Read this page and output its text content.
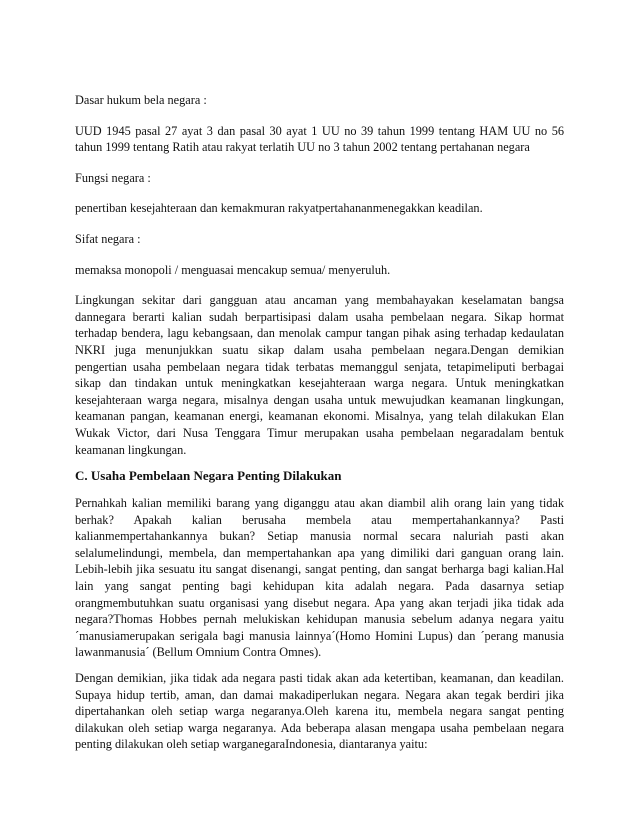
Dasar hukum bela negara :
UUD 1945 pasal 27 ayat 3 dan pasal 30 ayat 1 UU no 39 tahun 1999 tentang HAM UU no 56
tahun 1999 tentang Ratih atau rakyat terlatih UU no 3 tahun 2002 tentang pertahanan negara
Fungsi negara :
penertiban kesejahteraan dan kemakmuran rakyatpertahananmenegakkan keadilan.
Sifat negara :
memaksa monopoli / menguasai mencakup semua/ menyeruluh.
Lingkungan sekitar dari gangguan atau ancaman yang membahayakan keselamatan bangsa
dannegara berarti kalian sudah berpartisipasi dalam usaha pembelaan negara. Sikap hormat
terhadap bendera, lagu kebangsaan, dan menolak campur tangan pihak asing terhadap kedaulatan
NKRI juga menunjukkan suatu sikap dalam usaha pembelaan negara.Dengan demikian
pengertian usaha pembelaan negara tidak terbatas memanggul senjata, tetapimeliputi berbagai
sikap dan tindakan untuk meningkatkan kesejahteraan warga negara. Untuk meningkatkan
kesejahteraan warga negara, misalnya dengan usaha untuk mewujudkan keamanan lingkungan,
keamanan pangan, keamanan energi, keamanan ekonomi. Misalnya, yang telah dilakukan Elan
Wukak Victor, dari Nusa Tenggara Timur merupakan usaha pembelaan negaradalam bentuk
keamanan lingkungan.
C. Usaha Pembelaan Negara Penting Dilakukan
Pernahkah kalian memiliki barang yang diganggu atau akan diambil alih orang lain yang tidak
berhak? Apakah kalian berusaha membela atau mempertahankannya? Pasti
kalianmempertahankannya bukan? Setiap manusia normal secara naluriah pasti akan
selalumelindungi, membela, dan mempertahankan apa yang dimiliki dari ganguan orang lain.
Lebih-lebih jika sesuatu itu sangat disenangi, sangat penting, dan sangat berharga bagi kalian.Hal
lain yang sangat penting bagi kehidupan kita adalah negara. Pada dasarnya setiap
orangmembutuhkan suatu organisasi yang disebut negara. Apa yang akan terjadi jika tidak ada
negara?Thomas Hobbes pernah melukiskan kehidupan manusia sebelum adanya negara yaitu
´manusiamerupakan serigala bagi manusia lainnya´(Homo Homini Lupus) dan ´perang manusia
lawanmanusia´ (Bellum Omnium Contra Omnes).
Dengan demikian, jika tidak ada negara pasti tidak akan ada ketertiban, keamanan, dan keadilan.
Supaya hidup tertib, aman, dan damai makadiperlukan negara. Negara akan tegak berdiri jika
dipertahankan oleh setiap warga negaranya.Oleh karena itu, membela negara sangat penting
dilakukan oleh setiap warga negaranya. Ada beberapa alasan mengapa usaha pembelaan negara
penting dilakukan oleh setiap warganegaraIndonesia, diantaranya yaitu:
